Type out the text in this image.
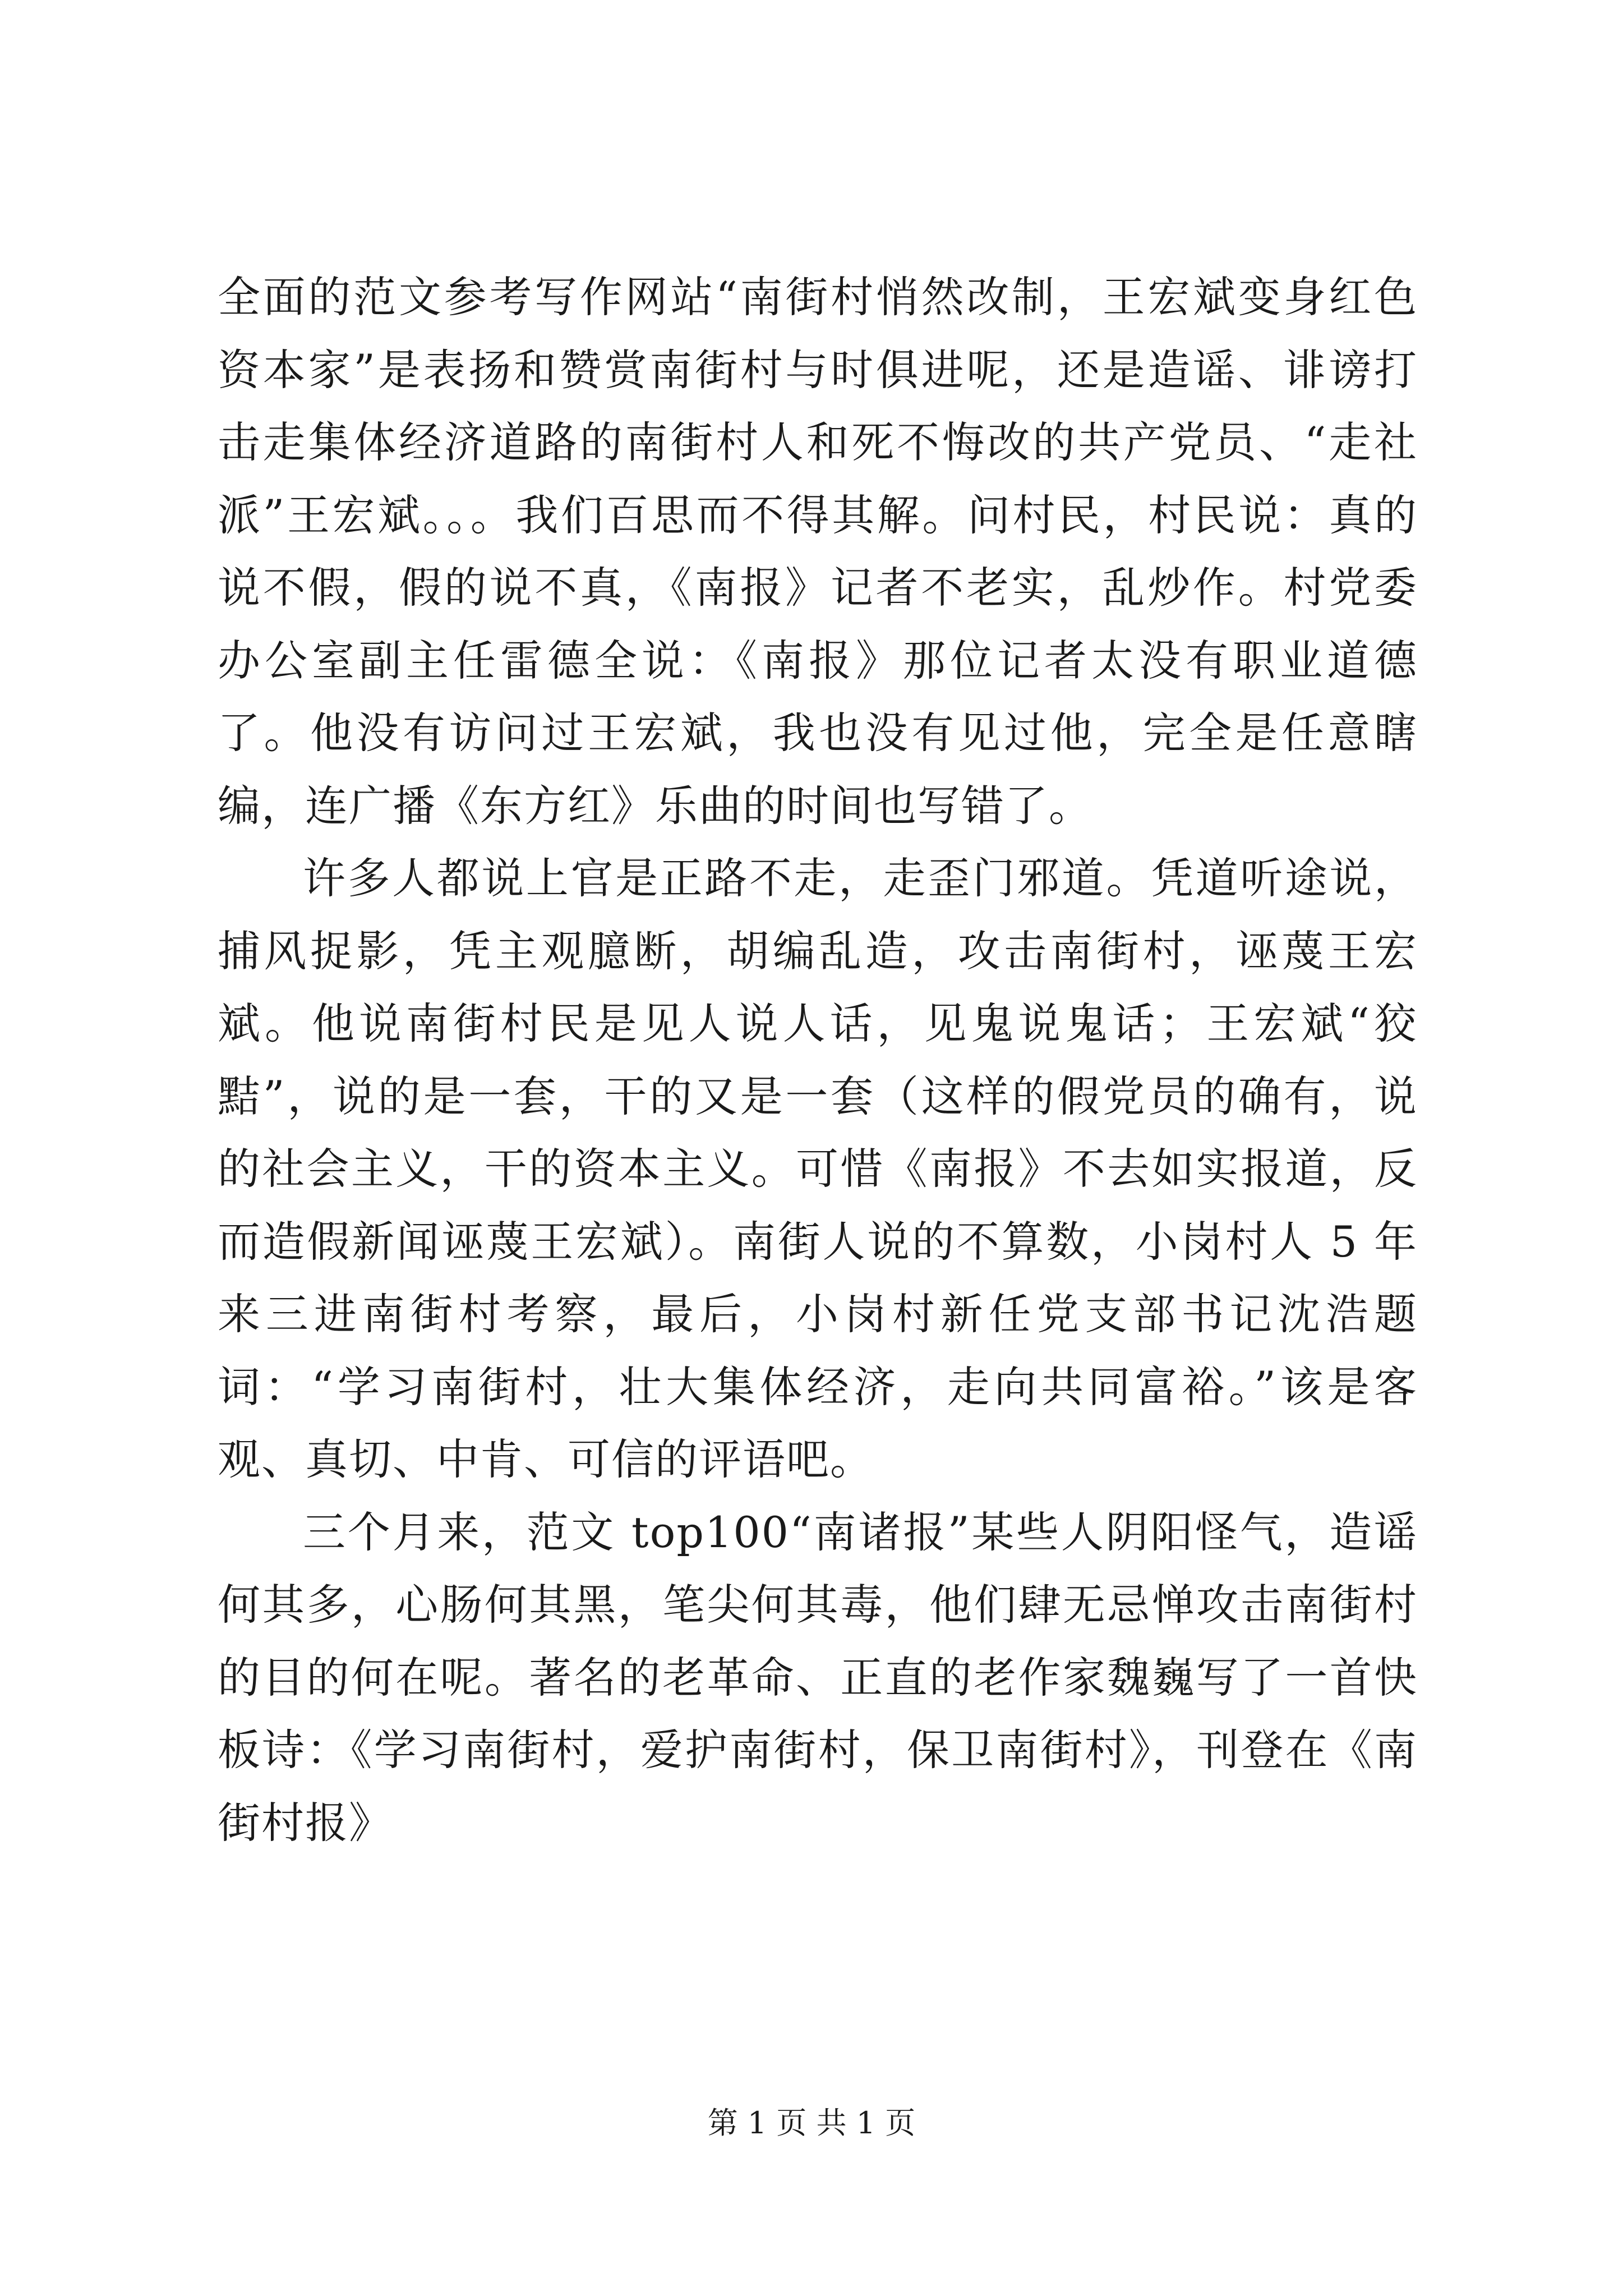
全面的范文参考写作网站“南街村悄然改制，王宏斌变身红色资本家”是表扬和赞赏南街村与时俱进呢，还是造谣、诽谤打击走集体经济道路的南街村人和死不悔改的共产党员、“走社派”王宏斌。。。我们百思而不得其解。问村民，村民说：真的说不假，假的说不真，《南报》记者不老实，乱炒作。村党委办公室副主任雷德全说：《南报》那位记者太没有职业道德了。他没有访问过王宏斌，我也没有见过他，完全是任意瞎编，连广播《东方红》乐曲的时间也写错了。

许多人都说上官是正路不走，走歪门邪道。凭道听途说，捕风捉影，凭主观臆断，胡编乱造，攻击南街村，诬蔑王宏斌。他说南街村民是见人说人话，见鬼说鬼话；王宏斌“狡黠”，说的是一套，干的又是一套（这样的假党员的确有，说的社会主义，干的资本主义。可惜《南报》不去如实报道，反而造假新闻诬蔑王宏斌）。南街人说的不算数，小岗村人 5 年来三进南街村考察，最后，小岗村新任党支部书记沈浩题词：“学习南街村，壮大集体经济，走向共同富裕。”该是客观、真切、中肯、可信的评语吧。

三个月来，范文 top100“南诸报”某些人阴阳怪气，造谣何其多，心肠何其黑，笔尖何其毒，他们肆无忌惮攻击南街村的目的何在呢。著名的老革命、正直的老作家魏巍写了一首快板诗：《学习南街村，爱护南街村，保卫南街村》，刊登在《南街村报》

第 1 页 共 1 页
